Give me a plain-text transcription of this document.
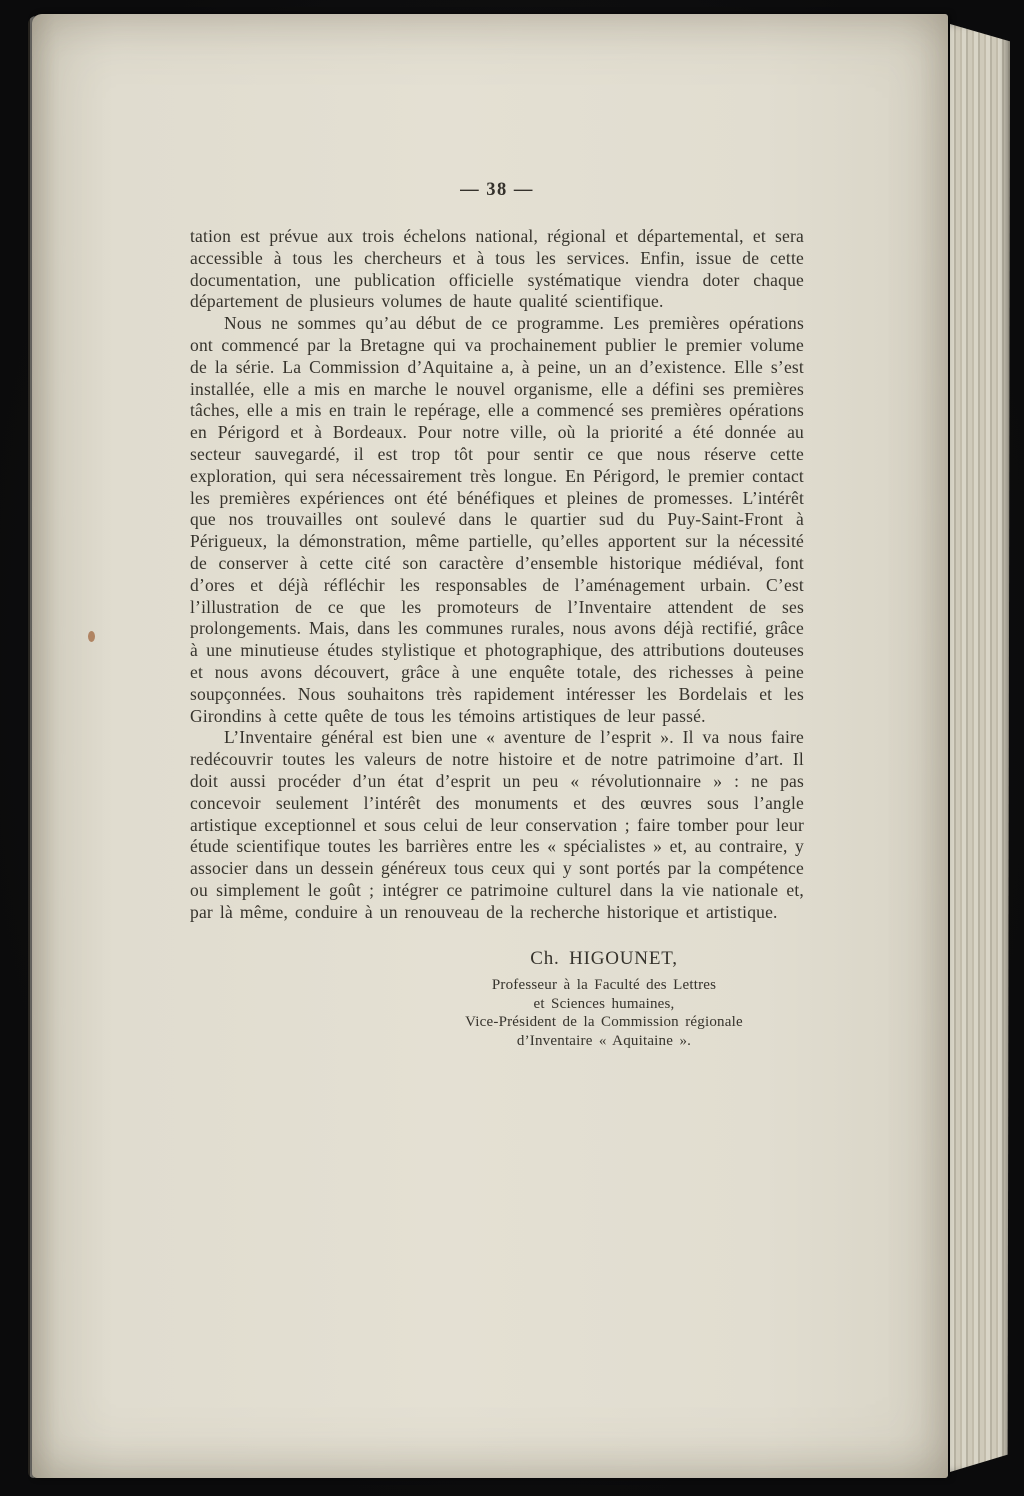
— 38 —

tation est prévue aux trois échelons national, régional et départemental, et sera accessible à tous les chercheurs et à tous les services. Enfin, issue de cette documentation, une publication officielle systématique viendra doter chaque département de plusieurs volumes de haute qualité scientifique.

Nous ne sommes qu’au début de ce programme. Les premières opérations ont commencé par la Bretagne qui va prochainement publier le premier volume de la série. La Commission d’Aquitaine a, à peine, un an d’existence. Elle s’est installée, elle a mis en marche le nouvel organisme, elle a défini ses premières tâches, elle a mis en train le repérage, elle a commencé ses premières opérations en Périgord et à Bordeaux. Pour notre ville, où la priorité a été donnée au secteur sauvegardé, il est trop tôt pour sentir ce que nous réserve cette exploration, qui sera nécessairement très longue. En Périgord, le premier contact les premières expériences ont été bénéfiques et pleines de promesses. L’intérêt que nos trouvailles ont soulevé dans le quartier sud du Puy-Saint-Front à Périgueux, la démonstration, même partielle, qu’elles apportent sur la nécessité de conserver à cette cité son caractère d’ensemble historique médiéval, font d’ores et déjà réfléchir les responsables de l’aménagement urbain. C’est l’illustration de ce que les promoteurs de l’Inventaire attendent de ses prolongements. Mais, dans les communes rurales, nous avons déjà rectifié, grâce à une minutieuse études stylistique et photographique, des attributions douteuses et nous avons découvert, grâce à une enquête totale, des richesses à peine soupçonnées. Nous souhaitons très rapidement intéresser les Bordelais et les Girondins à cette quête de tous les témoins artistiques de leur passé.

L’Inventaire général est bien une « aventure de l’esprit ». Il va nous faire redécouvrir toutes les valeurs de notre histoire et de notre patrimoine d’art. Il doit aussi procéder d’un état d’esprit un peu « révolutionnaire » : ne pas concevoir seulement l’intérêt des monuments et des œuvres sous l’angle artistique exceptionnel et sous celui de leur conservation ; faire tomber pour leur étude scientifique toutes les barrières entre les « spécialistes » et, au contraire, y associer dans un dessein généreux tous ceux qui y sont portés par la compétence ou simplement le goût ; intégrer ce patrimoine culturel dans la vie nationale et, par là même, conduire à un renouveau de la recherche historique et artistique.

Ch. HIGOUNET,
Professeur à la Faculté des Lettres
et Sciences humaines,
Vice-Président de la Commission régionale
d’Inventaire « Aquitaine ».
